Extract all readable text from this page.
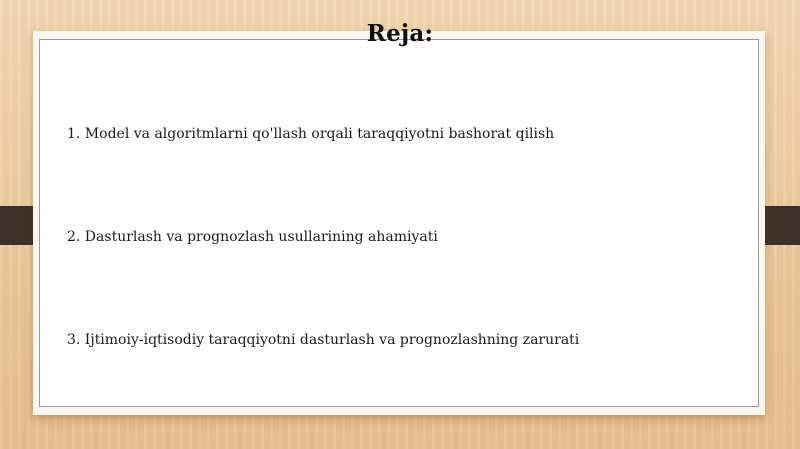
Reja:
1. Model va algoritmlarni qo'llash orqali taraqqiyotni bashorat qilish
2. Dasturlash va prognozlash usullarining ahamiyati
3. Ijtimoiy-iqtisodiy taraqqiyotni dasturlash va prognozlashning zarurati
